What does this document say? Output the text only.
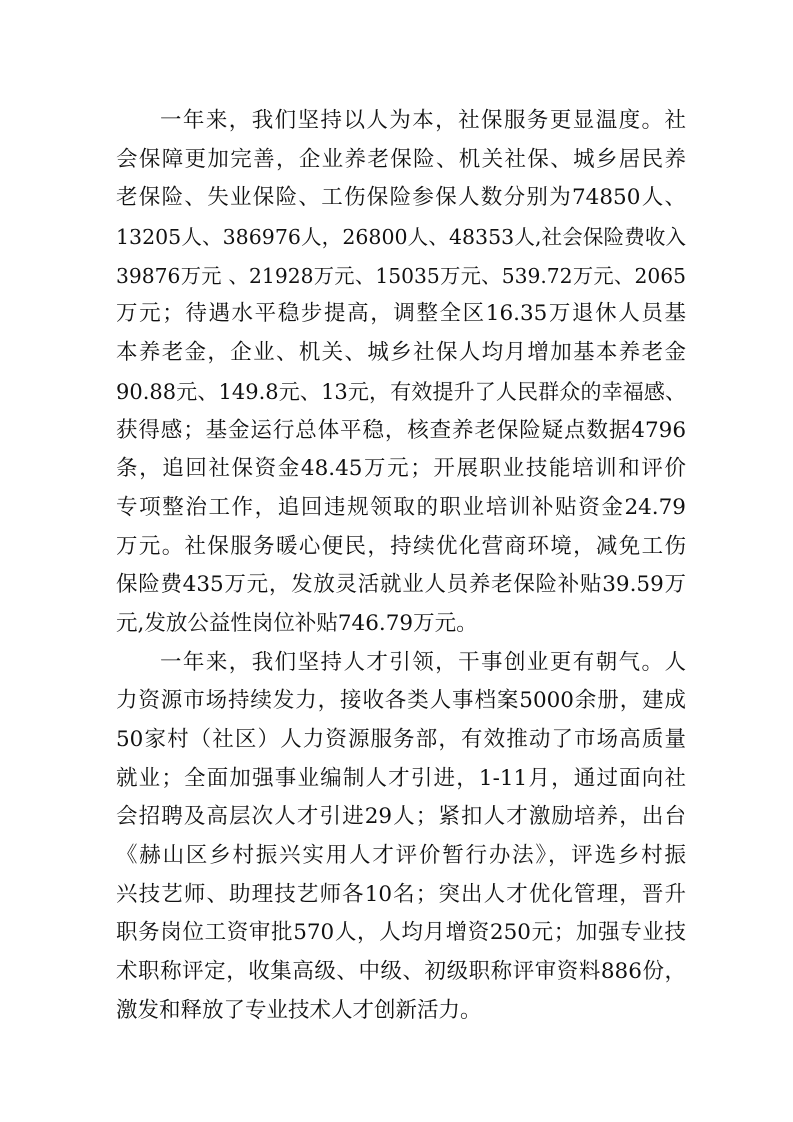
一年来，我们坚持以人为本，社保服务更显温度。社
会保障更加完善，企业养老保险、机关社保、城乡居民养
老保险、失业保险、工伤保险参保人数分别为74850人、
13205人、386976人，26800人、48353人,社会保险费收入
39876万元 、21928万元、15035万元、539.72万元、2065
万元；待遇水平稳步提高，调整全区16.35万退休人员基
本养老金，企业、机关、城乡社保人均月增加基本养老金
90.88元、149.8元、13元，有效提升了人民群众的幸福感、
获得感；基金运行总体平稳，核查养老保险疑点数据4796
条，追回社保资金48.45万元；开展职业技能培训和评价
专项整治工作，追回违规领取的职业培训补贴资金24.79
万元。社保服务暖心便民，持续优化营商环境，减免工伤
保险费435万元，发放灵活就业人员养老保险补贴39.59万
元,发放公益性岗位补贴746.79万元。
一年来，我们坚持人才引领，干事创业更有朝气。人
力资源市场持续发力，接收各类人事档案5000余册，建成
50家村（社区）人力资源服务部，有效推动了市场高质量
就业；全面加强事业编制人才引进，1-11月，通过面向社
会招聘及高层次人才引进29人；紧扣人才激励培养，出台
《赫山区乡村振兴实用人才评价暂行办法》，评选乡村振
兴技艺师、助理技艺师各10名；突出人才优化管理，晋升
职务岗位工资审批570人，人均月增资250元；加强专业技
术职称评定，收集高级、中级、初级职称评审资料886份，
激发和释放了专业技术人才创新活力。
